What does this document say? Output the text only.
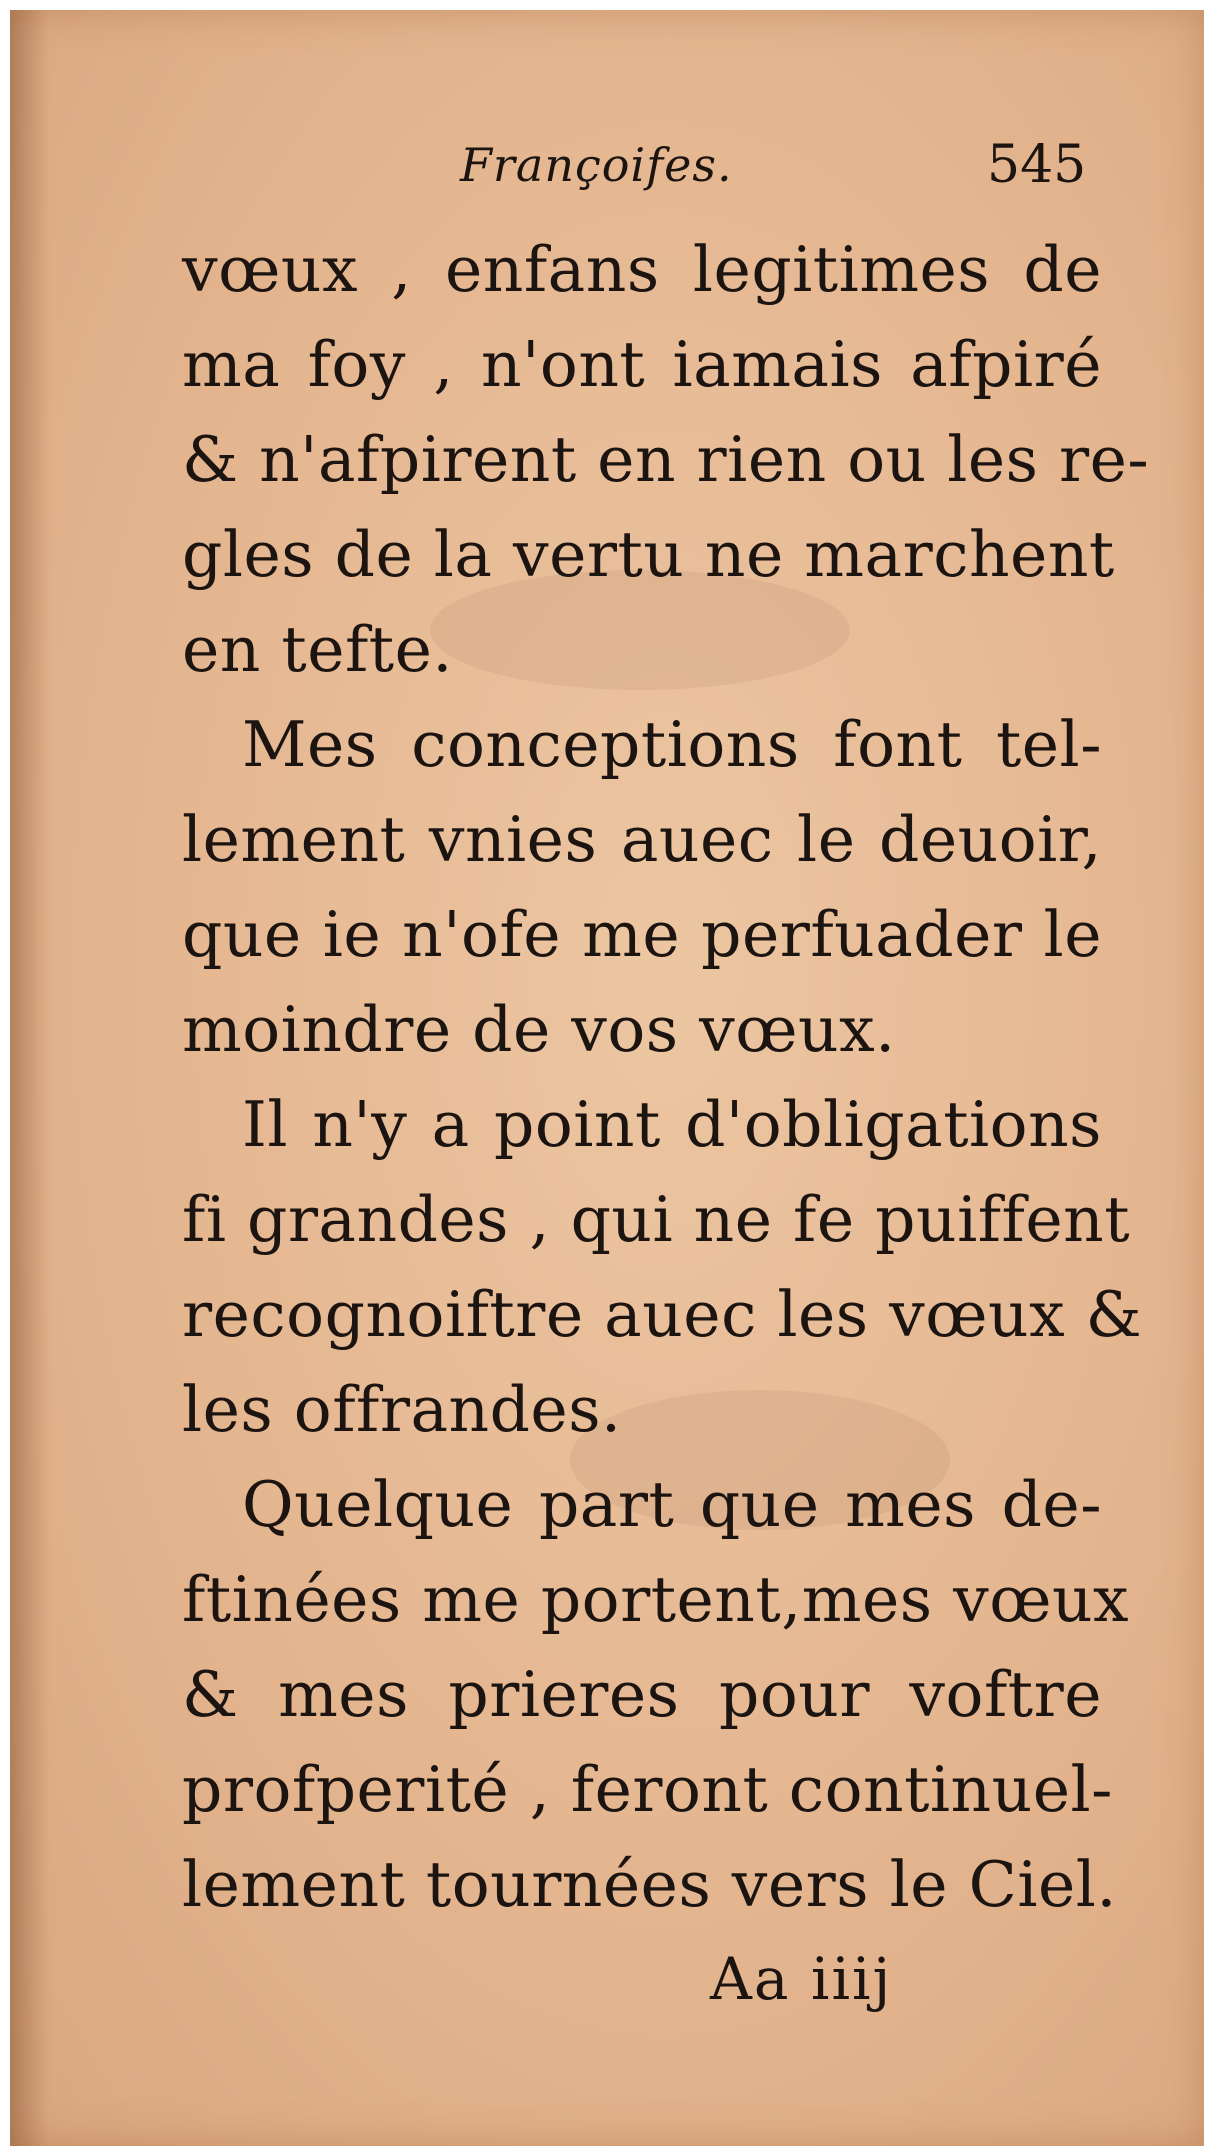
Françoifes.	545
vœux , enfans legitimes de
ma foy , n'ont iamais afpiré
& n'afpirent en rien ou les re-
gles de la vertu ne marchent
en tefte.
Mes conceptions font tel-
lement vnies auec le deuoir,
que ie n'ofe me perfuader le
moindre de vos vœux.
Il n'y a point d'obligations
fi grandes , qui ne fe puiffent
recognoiftre auec les vœux &
les offrandes.
Quelque part que mes de-
ftinées me portent,mes vœux
& mes prieres pour voftre
profperité , feront continuel-
lement tournées vers le Ciel.
Aa iiij
